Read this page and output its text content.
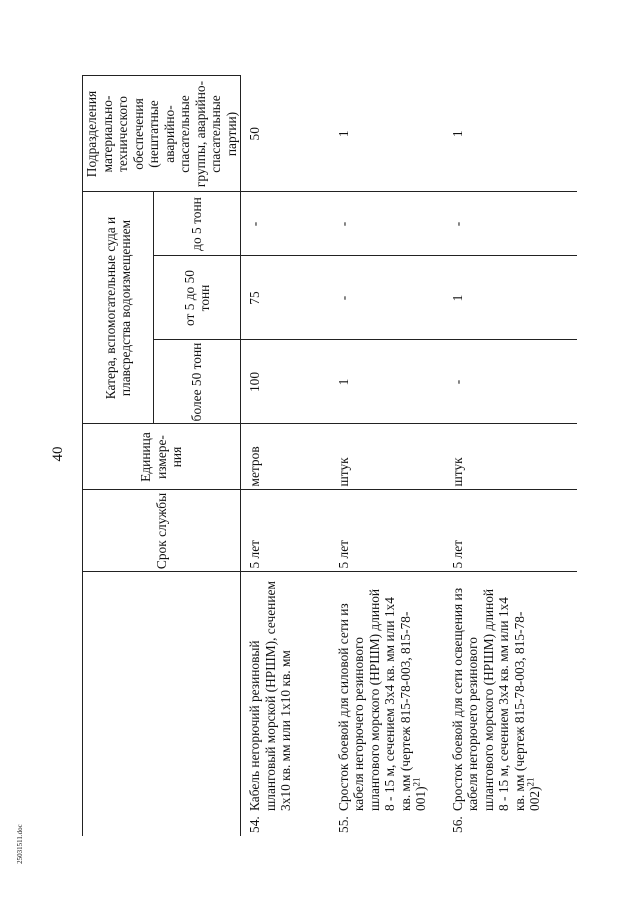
40
	Срок службы	Единица измере-ния	Катера, вспомогательные суда и плавсредства водоизмещением			Подразделения материально-технического обеспечения (нештатные аварийно-спасательные группы, аварийно-спасательные партии)
			более 50 тонн	от 5 до 50 тонн	до 5 тонн	
54.Кабель негорючий резиновый шланговый морской (НРШМ), сечением 3х10 кв. мм или 1х10 кв. мм	5 лет	метров	100	75	-	50
55.Сросток боевой для силовой сети из кабеля негорючего резинового шлангового морского (НРШМ) длиной 8 - 15 м, сечением 3х4 кв. мм или 1х4 кв. мм (чертеж 815-78-003, 815-78-001)$^{21}$	5 лет	штук	1	-	-	1
56.Сросток боевой для сети освещения из кабеля негорючего резинового шлангового морского (НРШМ) длиной 8 - 15 м, сечением 3х4 кв. мм или 1х4 кв. мм (чертеж 815-78-003, 815-78-002)$^{21}$	5 лет	штук	-	1	-	1
25031511.doc
